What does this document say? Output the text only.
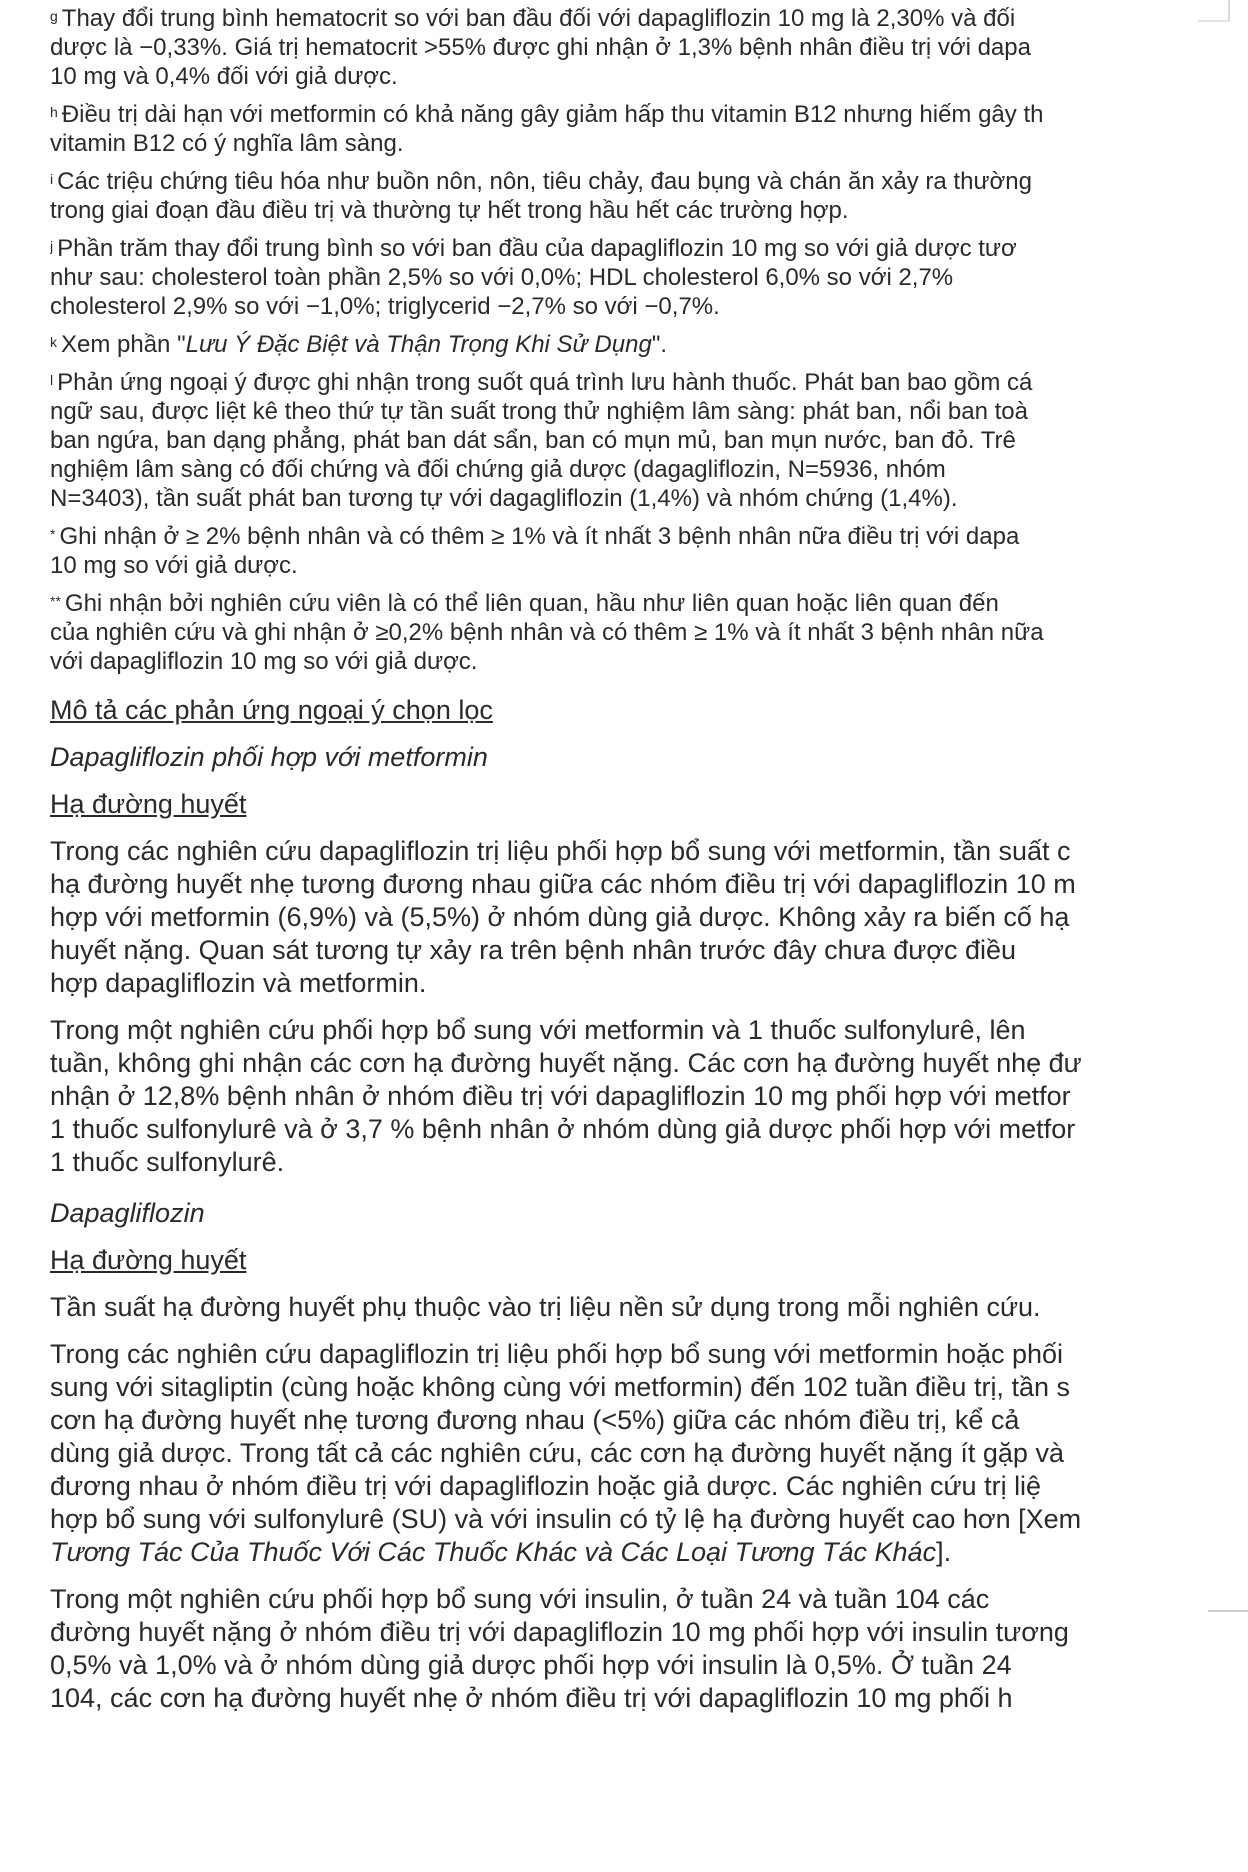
$^g$ Thay đổi trung bình hematocrit so với ban đầu đối với dapagliflozin 10 mg là 2,30% và đối
dược là −0,33%. Giá trị hematocrit >55% được ghi nhận ở 1,3% bệnh nhân điều trị với dapa
10 mg và 0,4% đối với giả dược.
$^h$ Điều trị dài hạn với metformin có khả năng gây giảm hấp thu vitamin B12 nhưng hiếm gây th
vitamin B12 có ý nghĩa lâm sàng.
$^i$ Các triệu chứng tiêu hóa như buồn nôn, nôn, tiêu chảy, đau bụng và chán ăn xảy ra thường
trong giai đoạn đầu điều trị và thường tự hết trong hầu hết các trường hợp.
$^j$ Phần trăm thay đổi trung bình so với ban đầu của dapagliflozin 10 mg so với giả dược tươ
như sau: cholesterol toàn phần 2,5% so với 0,0%; HDL cholesterol 6,0% so với 2,7%
cholesterol 2,9% so với −1,0%; triglycerid −2,7% so với −0,7%.
$^k$ Xem phần "Lưu Ý Đặc Biệt và Thận Trọng Khi Sử Dụng".
$^l$ Phản ứng ngoại ý được ghi nhận trong suốt quá trình lưu hành thuốc. Phát ban bao gồm cá
ngữ sau, được liệt kê theo thứ tự tần suất trong thử nghiệm lâm sàng: phát ban, nổi ban toà
ban ngứa, ban dạng phẳng, phát ban dát sẩn, ban có mụn mủ, ban mụn nước, ban đỏ. Trê
nghiệm lâm sàng có đối chứng và đối chứng giả dược (dagagliflozin, N=5936, nhóm
N=3403), tần suất phát ban tương tự với dagagliflozin (1,4%) và nhóm chứng (1,4%).
* Ghi nhận ở ≥ 2% bệnh nhân và có thêm ≥ 1% và ít nhất 3 bệnh nhân nữa điều trị với dapa
10 mg so với giả dược.
** Ghi nhận bởi nghiên cứu viên là có thể liên quan, hầu như liên quan hoặc liên quan đến
của nghiên cứu và ghi nhận ở ≥0,2% bệnh nhân và có thêm ≥ 1% và ít nhất 3 bệnh nhân nữa
với dapagliflozin 10 mg so với giả dược.
Mô tả các phản ứng ngoại ý chọn lọc
Dapagliflozin phối hợp với metformin
Hạ đường huyết
Trong các nghiên cứu dapagliflozin trị liệu phối hợp bổ sung với metformin, tần suất c
hạ đường huyết nhẹ tương đương nhau giữa các nhóm điều trị với dapagliflozin 10 m
hợp với metformin (6,9%) và (5,5%) ở nhóm dùng giả dược. Không xảy ra biến cố hạ
huyết nặng. Quan sát tương tự xảy ra trên bệnh nhân trước đây chưa được điều
hợp dapagliflozin và metformin.
Trong một nghiên cứu phối hợp bổ sung với metformin và 1 thuốc sulfonylurê, lên
tuần, không ghi nhận các cơn hạ đường huyết nặng. Các cơn hạ đường huyết nhẹ đư
nhận ở 12,8% bệnh nhân ở nhóm điều trị với dapagliflozin 10 mg phối hợp với metfor
1 thuốc sulfonylurê và ở 3,7 % bệnh nhân ở nhóm dùng giả dược phối hợp với metfor
1 thuốc sulfonylurê.
Dapagliflozin
Hạ đường huyết
Tần suất hạ đường huyết phụ thuộc vào trị liệu nền sử dụng trong mỗi nghiên cứu.
Trong các nghiên cứu dapagliflozin trị liệu phối hợp bổ sung với metformin hoặc phối
sung với sitagliptin (cùng hoặc không cùng với metformin) đến 102 tuần điều trị, tần s
cơn hạ đường huyết nhẹ tương đương nhau (<5%) giữa các nhóm điều trị, kể cả
dùng giả dược. Trong tất cả các nghiên cứu, các cơn hạ đường huyết nặng ít gặp và
đương nhau ở nhóm điều trị với dapagliflozin hoặc giả dược. Các nghiên cứu trị liệ
hợp bổ sung với sulfonylurê (SU) và với insulin có tỷ lệ hạ đường huyết cao hơn [Xem
Tương Tác Của Thuốc Với Các Thuốc Khác và Các Loại Tương Tác Khác].
Trong một nghiên cứu phối hợp bổ sung với insulin, ở tuần 24 và tuần 104 các
đường huyết nặng ở nhóm điều trị với dapagliflozin 10 mg phối hợp với insulin tương
0,5% và 1,0% và ở nhóm dùng giả dược phối hợp với insulin là 0,5%. Ở tuần 24
104, các cơn hạ đường huyết nhẹ ở nhóm điều trị với dapagliflozin 10 mg phối h
